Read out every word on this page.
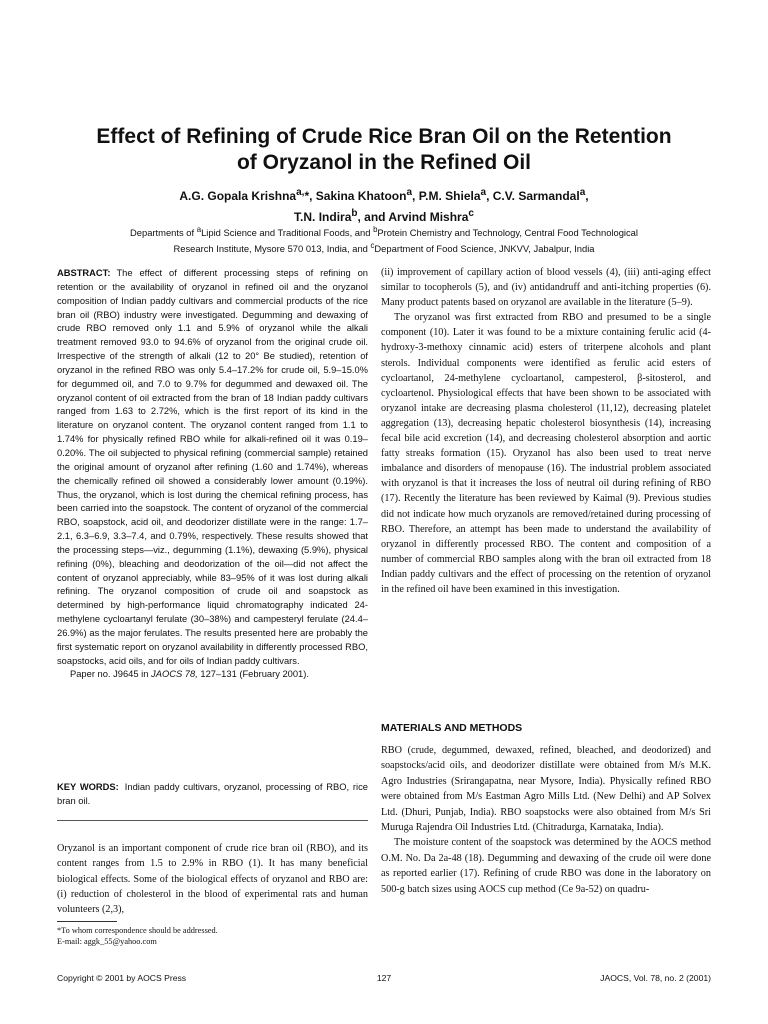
Effect of Refining of Crude Rice Bran Oil on the Retention
of Oryzanol in the Refined Oil
A.G. Gopala Krishna$^{a,}$*, Sakina Khatoon$^a$, P.M. Shiela$^a$, C.V. Sarmandal$^a$,
T.N. Indira$^b$, and Arvind Mishra$^c$
Departments of $^a$Lipid Science and Traditional Foods, and $^b$Protein Chemistry and Technology, Central Food Technological
Research Institute, Mysore 570 013, India, and $^c$Department of Food Science, JNKVV, Jabalpur, India

ABSTRACT: The effect of different processing steps of refining on retention or the availability of oryzanol in refined oil and the oryzanol composition of Indian paddy cultivars and commercial products of the rice bran oil (RBO) industry were investigated. Degumming and dewaxing of crude RBO removed only 1.1 and 5.9% of oryzanol while the alkali treatment removed 93.0 to 94.6% of oryzanol from the original crude oil. Irrespective of the strength of alkali (12 to 20° Be studied), retention of oryzanol in the refined RBO was only 5.4–17.2% for crude oil, 5.9–15.0% for degummed oil, and 7.0 to 9.7% for degummed and dewaxed oil. The oryzanol content of oil extracted from the bran of 18 Indian paddy cultivars ranged from 1.63 to 2.72%, which is the first report of its kind in the literature on oryzanol content. The oryzanol content ranged from 1.1 to 1.74% for physically refined RBO while for alkali-refined oil it was 0.19–0.20%. The oil subjected to physical refining (commercial sample) retained the original amount of oryzanol after refining (1.60 and 1.74%), whereas the chemically refined oil showed a considerably lower amount (0.19%). Thus, the oryzanol, which is lost during the chemical refining process, has been carried into the soapstock. The content of oryzanol of the commercial RBO, soapstock, acid oil, and deodorizer distillate were in the range: 1.7–2.1, 6.3–6.9, 3.3–7.4, and 0.79%, respectively. These results showed that the processing steps—viz., degumming (1.1%), dewaxing (5.9%), physical refining (0%), bleaching and deodorization of the oil—did not affect the content of oryzanol appreciably, while 83–95% of it was lost during alkali refining. The oryzanol composition of crude oil and soapstock as determined by high-performance liquid chromatography indicated 24-methylene cycloartanyl ferulate (30–38%) and campesteryl ferulate (24.4–26.9%) as the major ferulates. The results presented here are probably the first systematic report on oryzanol availability in differently processed RBO, soapstocks, acid oils, and for oils of Indian paddy cultivars.

Paper no. J9645 in JAOCS 78, 127–131 (February 2001).

KEY WORDS: Indian paddy cultivars, oryzanol, processing of RBO, rice bran oil.

Oryzanol is an important component of crude rice bran oil (RBO), and its content ranges from 1.5 to 2.9% in RBO (1). It has many beneficial biological effects. Some of the biological effects of oryzanol and RBO are: (i) reduction of cholesterol in the blood of experimental rats and human volunteers (2,3),

*To whom correspondence should be addressed.
E-mail: aggk_55@yahoo.com

(ii) improvement of capillary action of blood vessels (4), (iii) anti-aging effect similar to tocopherols (5), and (iv) antidandruff and anti-itching properties (6). Many product patents based on oryzanol are available in the literature (5–9).

The oryzanol was first extracted from RBO and presumed to be a single component (10). Later it was found to be a mixture containing ferulic acid (4-hydroxy-3-methoxy cinnamic acid) esters of triterpene alcohols and plant sterols. Individual components were identified as ferulic acid esters of cycloartanol, 24-methylene cycloartanol, campesterol, β-sitosterol, and cycloartenol. Physiological effects that have been shown to be associated with oryzanol intake are decreasing plasma cholesterol (11,12), decreasing platelet aggregation (13), decreasing hepatic cholesterol biosynthesis (14), increasing fecal bile acid excretion (14), and decreasing cholesterol absorption and aortic fatty streaks formation (15). Oryzanol has also been used to treat nerve imbalance and disorders of menopause (16). The industrial problem associated with oryzanol is that it increases the loss of neutral oil during refining of RBO (17). Recently the literature has been reviewed by Kaimal (9). Previous studies did not indicate how much oryzanols are removed/retained during processing of RBO. Therefore, an attempt has been made to understand the availability of oryzanol in differently processed RBO. The content and composition of a number of commercial RBO samples along with the bran oil extracted from 18 Indian paddy cultivars and the effect of processing on the retention of oryzanol in the refined oil have been examined in this investigation.

MATERIALS AND METHODS

RBO (crude, degummed, dewaxed, refined, bleached, and deodorized) and soapstocks/acid oils, and deodorizer distillate were obtained from M/s M.K. Agro Industries (Srirangapatna, near Mysore, India). Physically refined RBO were obtained from M/s Eastman Agro Mills Ltd. (New Delhi) and AP Solvex Ltd. (Dhuri, Punjab, India). RBO soapstocks were also obtained from M/s Sri Muruga Rajendra Oil Industries Ltd. (Chitradurga, Karnataka, India).

The moisture content of the soapstock was determined by the AOCS method O.M. No. Da 2a-48 (18). Degumming and dewaxing of the crude oil were done as reported earlier (17). Refining of crude RBO was done in the laboratory on 500-g batch sizes using AOCS cup method (Ce 9a-52) on quadru-

Copyright © 2001 by AOCS Press	127	JAOCS, Vol. 78, no. 2 (2001)
